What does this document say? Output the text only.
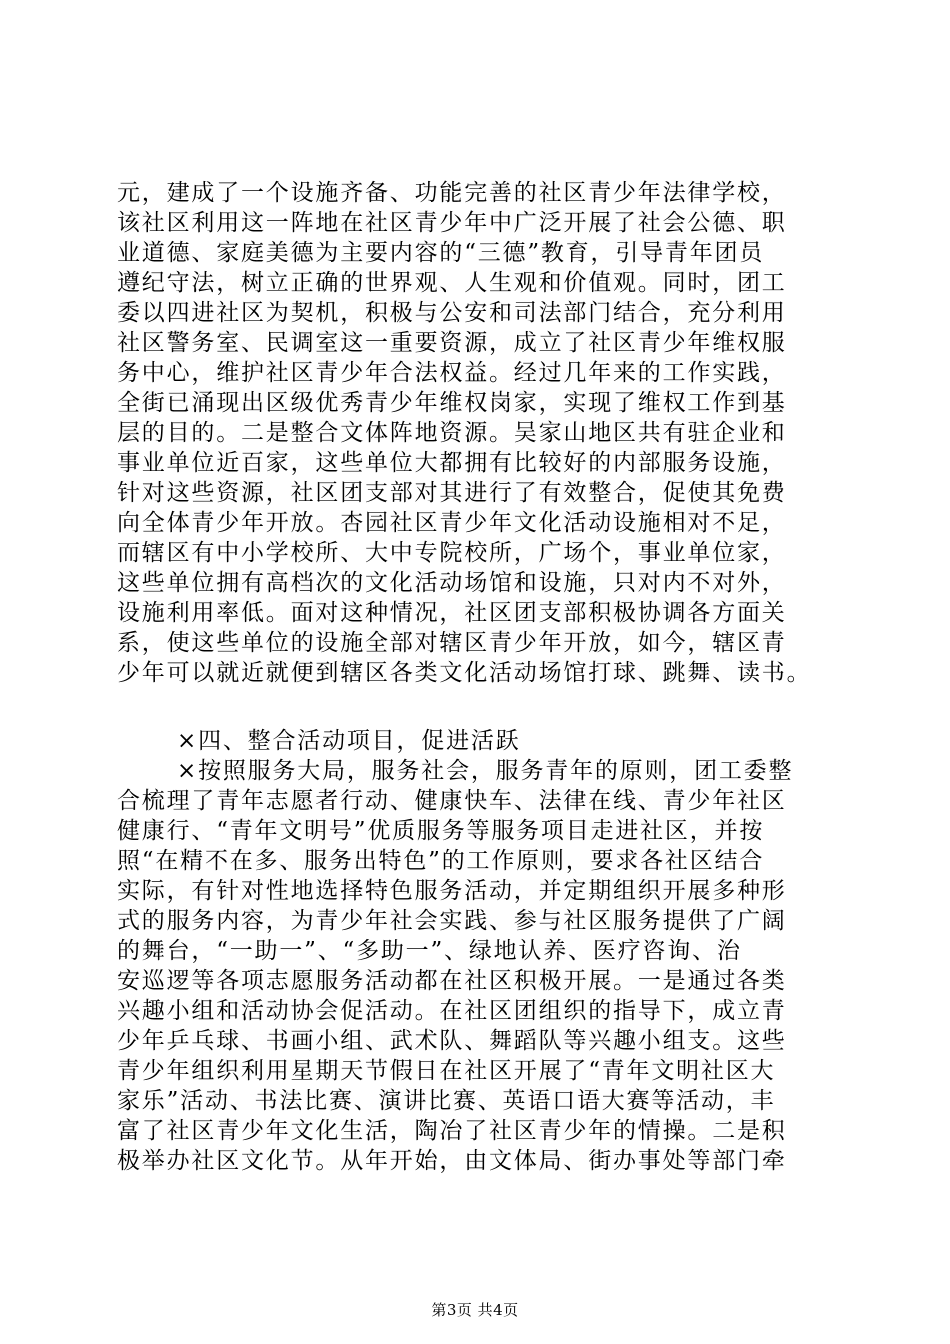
元，建成了一个设施齐备、功能完善的社区青少年法律学校，
该社区利用这一阵地在社区青少年中广泛开展了社会公德、职
业道德、家庭美德为主要内容的“三德”教育，引导青年团员
遵纪守法，树立正确的世界观、人生观和价值观。同时，团工
委以四进社区为契机，积极与公安和司法部门结合，充分利用
社区警务室、民调室这一重要资源，成立了社区青少年维权服
务中心，维护社区青少年合法权益。经过几年来的工作实践，
全街已涌现出区级优秀青少年维权岗家，实现了维权工作到基
层的目的。二是整合文体阵地资源。吴家山地区共有驻企业和
事业单位近百家，这些单位大都拥有比较好的内部服务设施，
针对这些资源，社区团支部对其进行了有效整合，促使其免费
向全体青少年开放。杏园社区青少年文化活动设施相对不足，
而辖区有中小学校所、大中专院校所，广场个，事业单位家，
这些单位拥有高档次的文化活动场馆和设施，只对内不对外，
设施利用率低。面对这种情况，社区团支部积极协调各方面关
系，使这些单位的设施全部对辖区青少年开放，如今，辖区青
少年可以就近就便到辖区各类文化活动场馆打球、跳舞、读书。
×四、整合活动项目，促进活跃
×按照服务大局，服务社会，服务青年的原则，团工委整
合梳理了青年志愿者行动、健康快车、法律在线、青少年社区
健康行、“青年文明号”优质服务等服务项目走进社区，并按
照“在精不在多、服务出特色”的工作原则，要求各社区结合
实际，有针对性地选择特色服务活动，并定期组织开展多种形
式的服务内容，为青少年社会实践、参与社区服务提供了广阔
的舞台，“一助一”、“多助一”、绿地认养、医疗咨询、治
安巡逻等各项志愿服务活动都在社区积极开展。一是通过各类
兴趣小组和活动协会促活动。在社区团组织的指导下，成立青
少年乒乓球、书画小组、武术队、舞蹈队等兴趣小组支。这些
青少年组织利用星期天节假日在社区开展了“青年文明社区大
家乐”活动、书法比赛、演讲比赛、英语口语大赛等活动，丰
富了社区青少年文化生活，陶冶了社区青少年的情操。二是积
极举办社区文化节。从年开始，由文体局、街办事处等部门牵
第3页 共4页
